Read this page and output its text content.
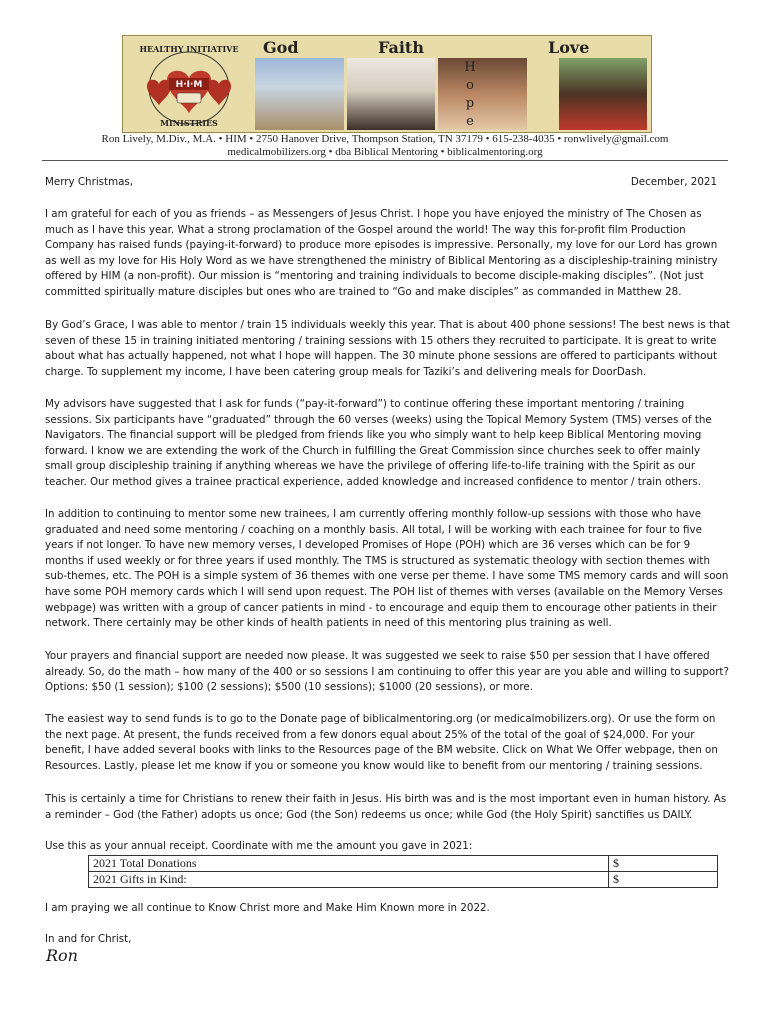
H·I·M
HEALTHY INITIATIVE
MINISTRIES
God	Faith	Love
H
o
p
e
Ron Lively, M.Div., M.A. • HIM • 2750 Hanover Drive, Thompson Station, TN 37179 • 615-238-4035 • ronwlively@gmail.com
medicalmobilizers.org • dba Biblical Mentoring • biblicalmentoring.org
Merry Christmas,	December, 2021

I am grateful for each of you as friends – as Messengers of Jesus Christ. I hope you have enjoyed the ministry of The Chosen as much as I have this year. What a strong proclamation of the Gospel around the world! The way this for-profit film Production Company has raised funds (paying-it-forward) to produce more episodes is impressive. Personally, my love for our Lord has grown as well as my love for His Holy Word as we have strengthened the ministry of Biblical Mentoring as a discipleship-training ministry offered by HIM (a non-profit). Our mission is “mentoring and training individuals to become disciple-making disciples”. (Not just committed spiritually mature disciples but ones who are trained to “Go and make disciples” as commanded in Matthew 28.

By God’s Grace, I was able to mentor / train 15 individuals weekly this year. That is about 400 phone sessions! The best news is that seven of these 15 in training initiated mentoring / training sessions with 15 others they recruited to participate. It is great to write about what has actually happened, not what I hope will happen. The 30 minute phone sessions are offered to participants without charge. To supplement my income, I have been catering group meals for Taziki’s and delivering meals for DoorDash.

My advisors have suggested that I ask for funds (“pay-it-forward”) to continue offering these important mentoring / training sessions. Six participants have “graduated” through the 60 verses (weeks) using the Topical Memory System (TMS) verses of the Navigators. The financial support will be pledged from friends like you who simply want to help keep Biblical Mentoring moving forward. I know we are extending the work of the Church in fulfilling the Great Commission since churches seek to offer mainly small group discipleship training if anything whereas we have the privilege of offering life-to-life training with the Spirit as our teacher. Our method gives a trainee practical experience, added knowledge and increased confidence to mentor / train others.

In addition to continuing to mentor some new trainees, I am currently offering monthly follow-up sessions with those who have graduated and need some mentoring / coaching on a monthly basis. All total, I will be working with each trainee for four to five years if not longer. To have new memory verses, I developed Promises of Hope (POH) which are 36 verses which can be for 9 months if used weekly or for three years if used monthly. The TMS is structured as systematic theology with section themes with sub-themes, etc. The POH is a simple system of 36 themes with one verse per theme. I have some TMS memory cards and will soon have some POH memory cards which I will send upon request. The POH list of themes with verses (available on the Memory Verses webpage) was written with a group of cancer patients in mind - to encourage and equip them to encourage other patients in their network. There certainly may be other kinds of health patients in need of this mentoring plus training as well.

Your prayers and financial support are needed now please. It was suggested we seek to raise $50 per session that I have offered already. So, do the math – how many of the 400 or so sessions I am continuing to offer this year are you able and willing to support? Options: $50 (1 session); $100 (2 sessions); $500 (10 sessions); $1000 (20 sessions), or more.

The easiest way to send funds is to go to the Donate page of biblicalmentoring.org (or medicalmobilizers.org). Or use the form on the next page. At present, the funds received from a few donors equal about 25% of the total of the goal of $24,000. For your benefit, I have added several books with links to the Resources page of the BM website. Click on What We Offer webpage, then on Resources. Lastly, please let me know if you or someone you know would like to benefit from our mentoring / training sessions.

This is certainly a time for Christians to renew their faith in Jesus. His birth was and is the most important even in human history. As a reminder – God (the Father) adopts us once; God (the Son) redeems us once; while God (the Holy Spirit) sanctifies us DAILY.

Use this as your annual receipt. Coordinate with me the amount you gave in 2021:

2021 Total Donations	$
2021 Gifts in Kind:	$

I am praying we all continue to Know Christ more and Make Him Known more in 2022.

In and for Christ,

Ron
